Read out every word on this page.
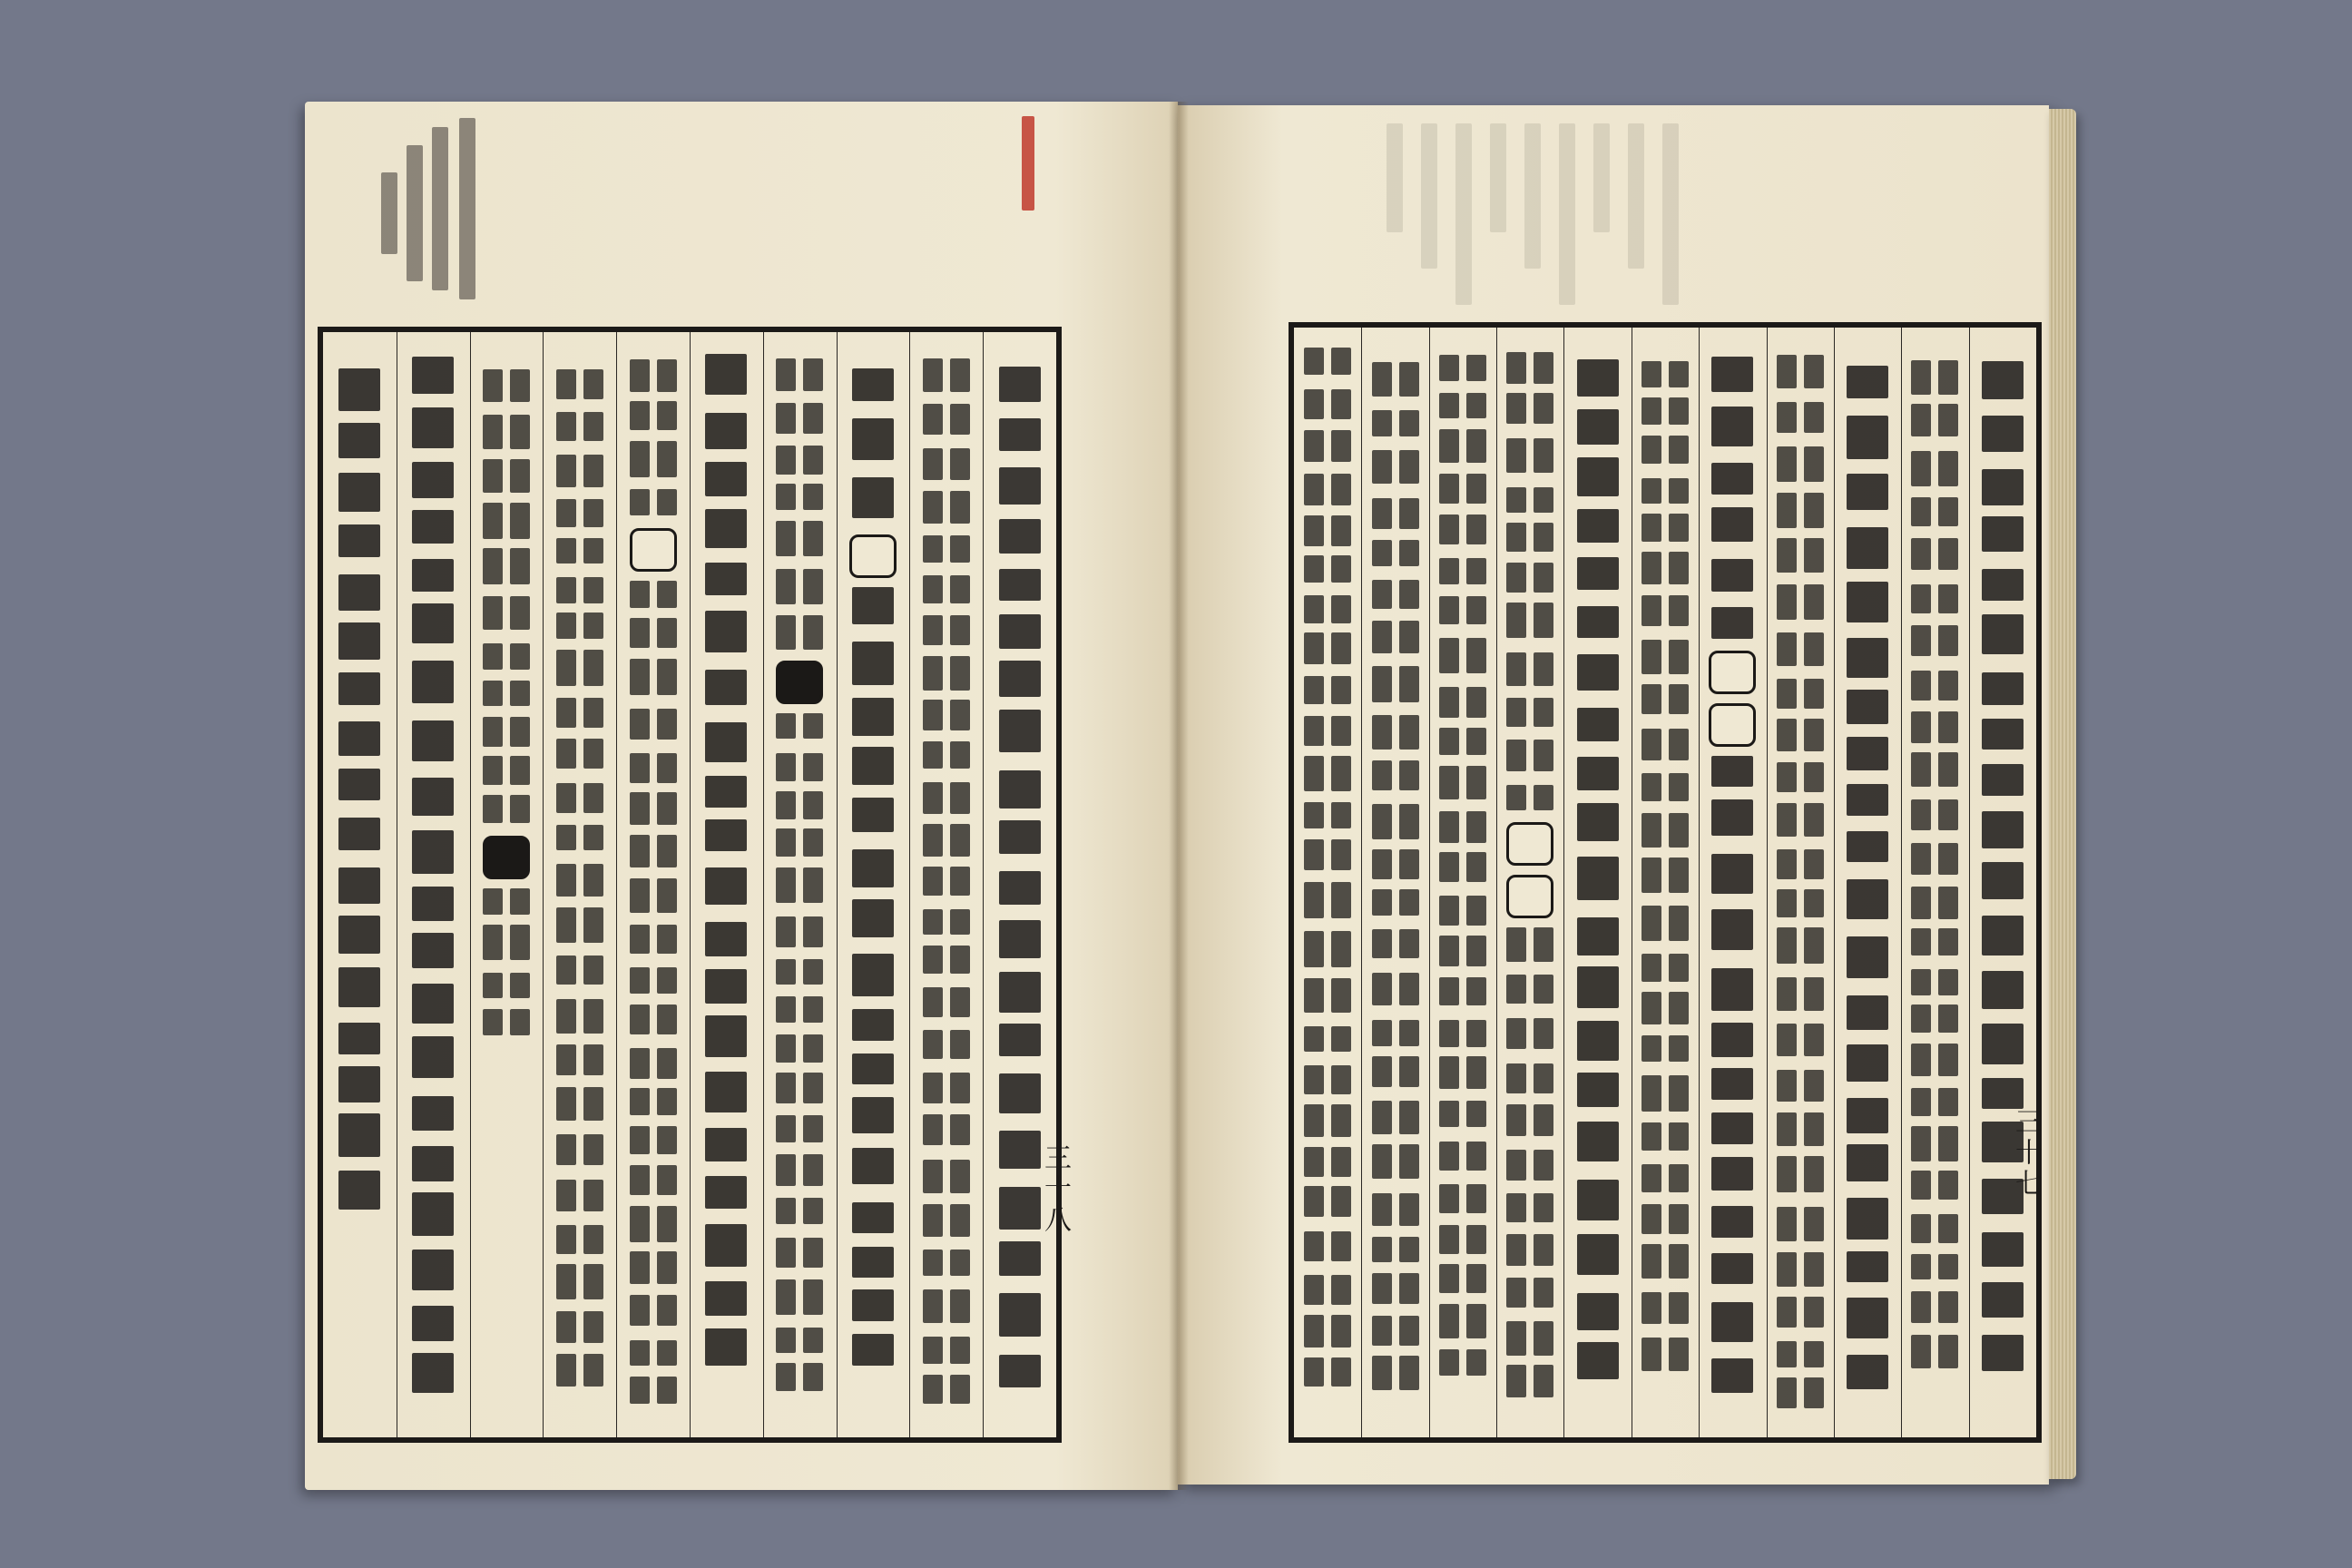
三十八	三十七
